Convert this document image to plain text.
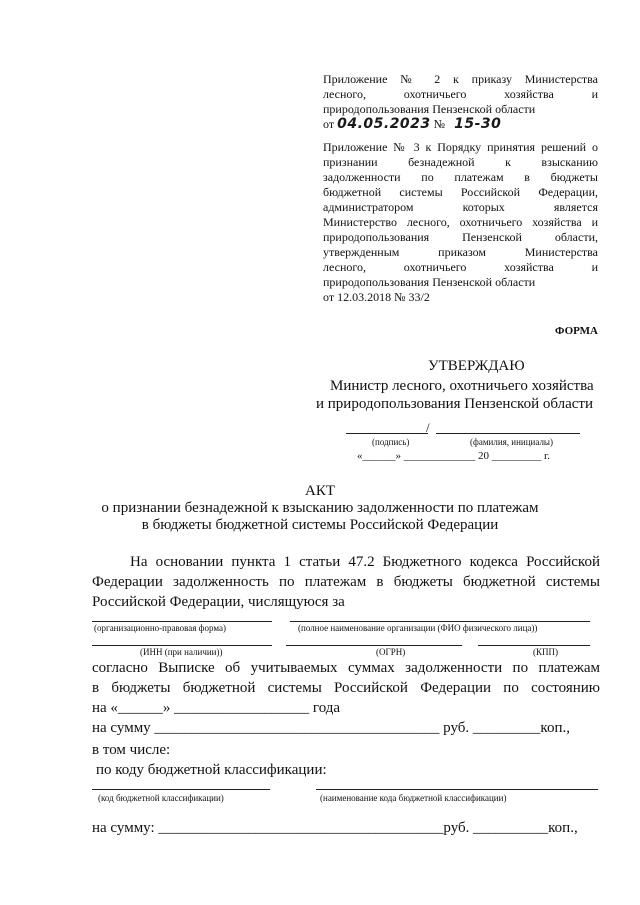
Приложение № 2 к приказу Министерства
лесного, охотничьего хозяйства и
природопользования Пензенской области
от 04.05.2023 № 15-30
Приложение № 3 к Порядку принятия решений о
признании безнадежной к взысканию
задолженности по платежам в бюджеты
бюджетной системы Российской Федерации,
администратором которых является
Министерство лесного, охотничьего хозяйства и
природопользования Пензенской области,
утвержденным приказом Министерства
лесного, охотничьего хозяйства и
природопользования Пензенской области
от 12.03.2018 № 33/2
ФОРМА
УТВЕРЖДАЮ
Министр лесного, охотничьего хозяйства
и природопользования Пензенской области
/
(подпись)	(фамилия, инициалы)
«______» _____________ 20 _________ г.
АКТ
о признании безнадежной к взысканию задолженности по платежам
в бюджеты бюджетной системы Российской Федерации
На основании пункта 1 статьи 47.2 Бюджетного кодекса Российской
Федерации задолженность по платежам в бюджеты бюджетной системы
Российской Федерации, числящуюся за
(организационно-правовая форма)	(полное наименование организации (ФИО физического лица))
(ИНН (при наличии))	(ОГРН)	(КПП)
согласно Выписке об учитываемых суммах задолженности по платежам
в бюджеты бюджетной системы Российской Федерации по состоянию
на «______» __________________ года
на сумму ______________________________________ руб. _________коп.,
в том числе:
по коду бюджетной классификации:
(код бюджетной классификации)	(наименование кода бюджетной классификации)
на сумму: ______________________________________руб. __________коп.,
